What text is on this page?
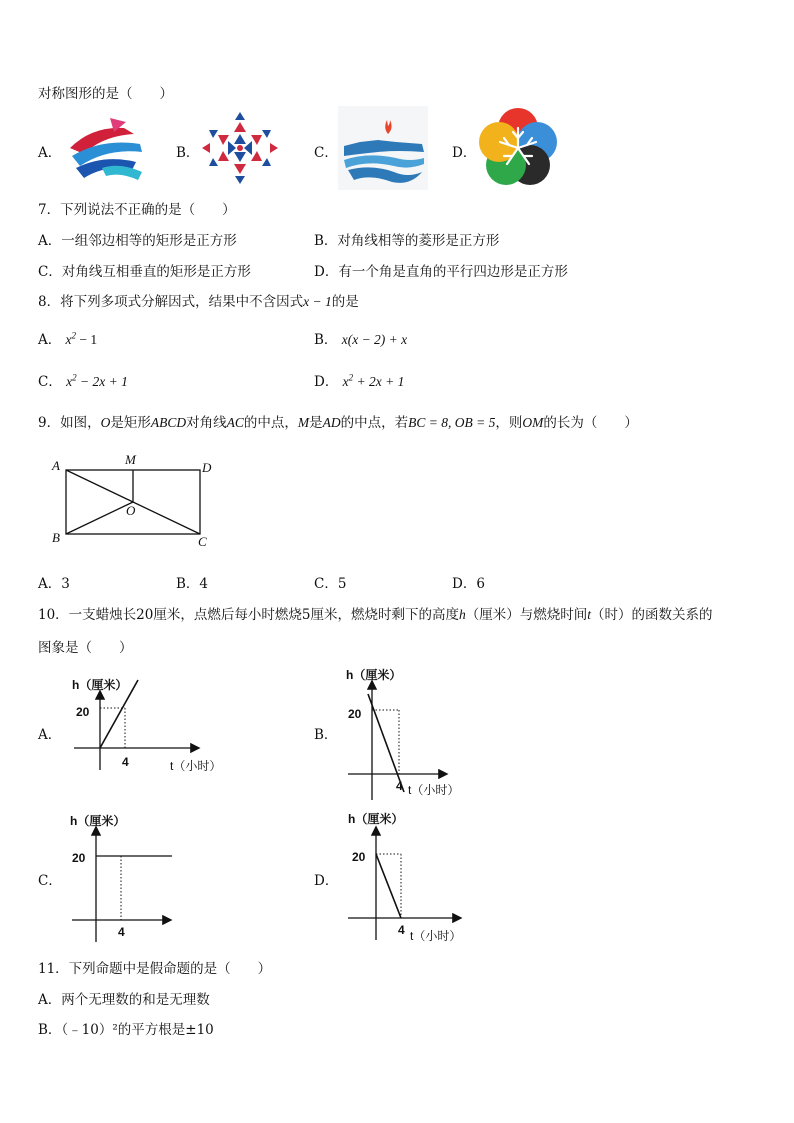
对称图形的是（　　）
A．	B．	C．	D．
7．下列说法不正确的是（　　）
A．一组邻边相等的矩形是正方形	B．对角线相等的菱形是正方形
C．对角线互相垂直的矩形是正方形	D．有一个角是直角的平行四边形是正方形
8．将下列多项式分解因式，结果中不含因式x − 1的是
A． $x^2 - 1$	B． x(x − 2) + x
C． $x^2 - 2x + 1$	D． $x^2 + 2x + 1$
9．如图，O是矩形ABCD对角线AC的中点，M是AD的中点，若BC = 8, OB = 5，则OM的长为（　　）
A	M
D
O
B	C
A．3	B．4	C．5	D．6
10．一支蜡烛长20厘米，点燃后每小时燃烧5厘米，燃烧时剩下的高度h（厘米）与燃烧时间t（时）的函数关系的
图象是（　　）
A．
h（厘米）
20
4	t（小时）
B．
h（厘米）
20
4 t（小时）
C．
h（厘米）
20
4
D．
h（厘米）
20
4 t（小时）
11．下列命题中是假命题的是（　　）
A．两个无理数的和是无理数
B．（﹣10）²的平方根是±10
